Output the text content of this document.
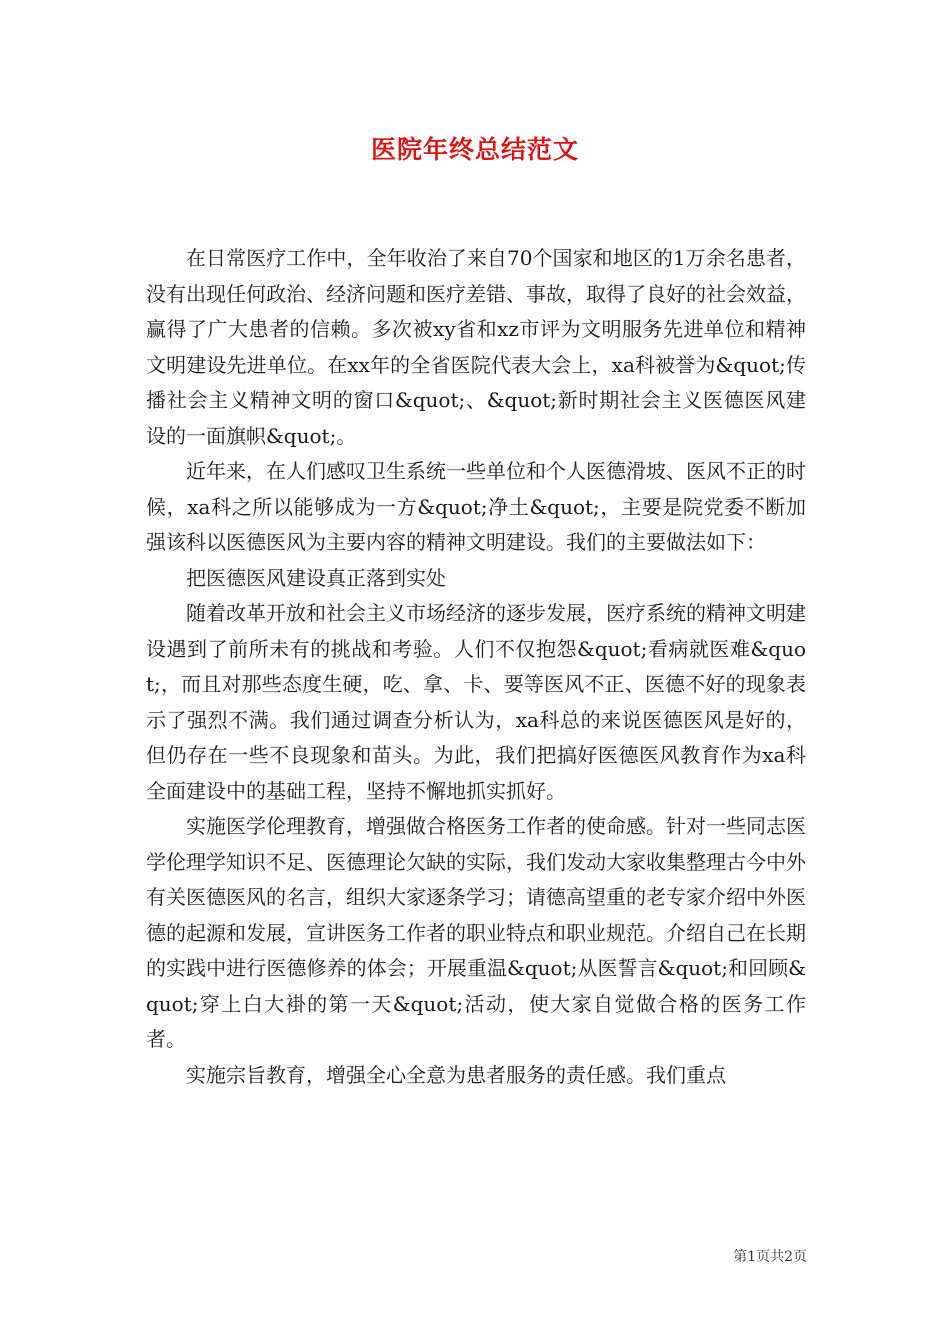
医院年终总结范文

在日常医疗工作中，全年收治了来自70个国家和地区的1万余名患者，没有出现任何政治、经济问题和医疗差错、事故，取得了良好的社会效益，赢得了广大患者的信赖。多次被xy省和xz市评为文明服务先进单位和精神文明建设先进单位。在xx年的全省医院代表大会上，xa科被誉为&quot;传播社会主义精神文明的窗口&quot;、&quot;新时期社会主义医德医风建设的一面旗帜&quot;。

近年来，在人们感叹卫生系统一些单位和个人医德滑坡、医风不正的时候，xa科之所以能够成为一方&quot;净土&quot;，主要是院党委不断加强该科以医德医风为主要内容的精神文明建设。我们的主要做法如下：

把医德医风建设真正落到实处

随着改革开放和社会主义市场经济的逐步发展，医疗系统的精神文明建设遇到了前所未有的挑战和考验。人们不仅抱怨&quot;看病就医难&quot;，而且对那些态度生硬，吃、拿、卡、要等医风不正、医德不好的现象表示了强烈不满。我们通过调查分析认为，xa科总的来说医德医风是好的，但仍存在一些不良现象和苗头。为此，我们把搞好医德医风教育作为xa科全面建设中的基础工程，坚持不懈地抓实抓好。

实施医学伦理教育，增强做合格医务工作者的使命感。针对一些同志医学伦理学知识不足、医德理论欠缺的实际，我们发动大家收集整理古今中外有关医德医风的名言，组织大家逐条学习；请德高望重的老专家介绍中外医德的起源和发展，宣讲医务工作者的职业特点和职业规范。介绍自己在长期的实践中进行医德修养的体会；开展重温&quot;从医誓言&quot;和回顾&quot;穿上白大褂的第一天&quot;活动，使大家自觉做合格的医务工作者。

实施宗旨教育，增强全心全意为患者服务的责任感。我们重点

第1页共2页
